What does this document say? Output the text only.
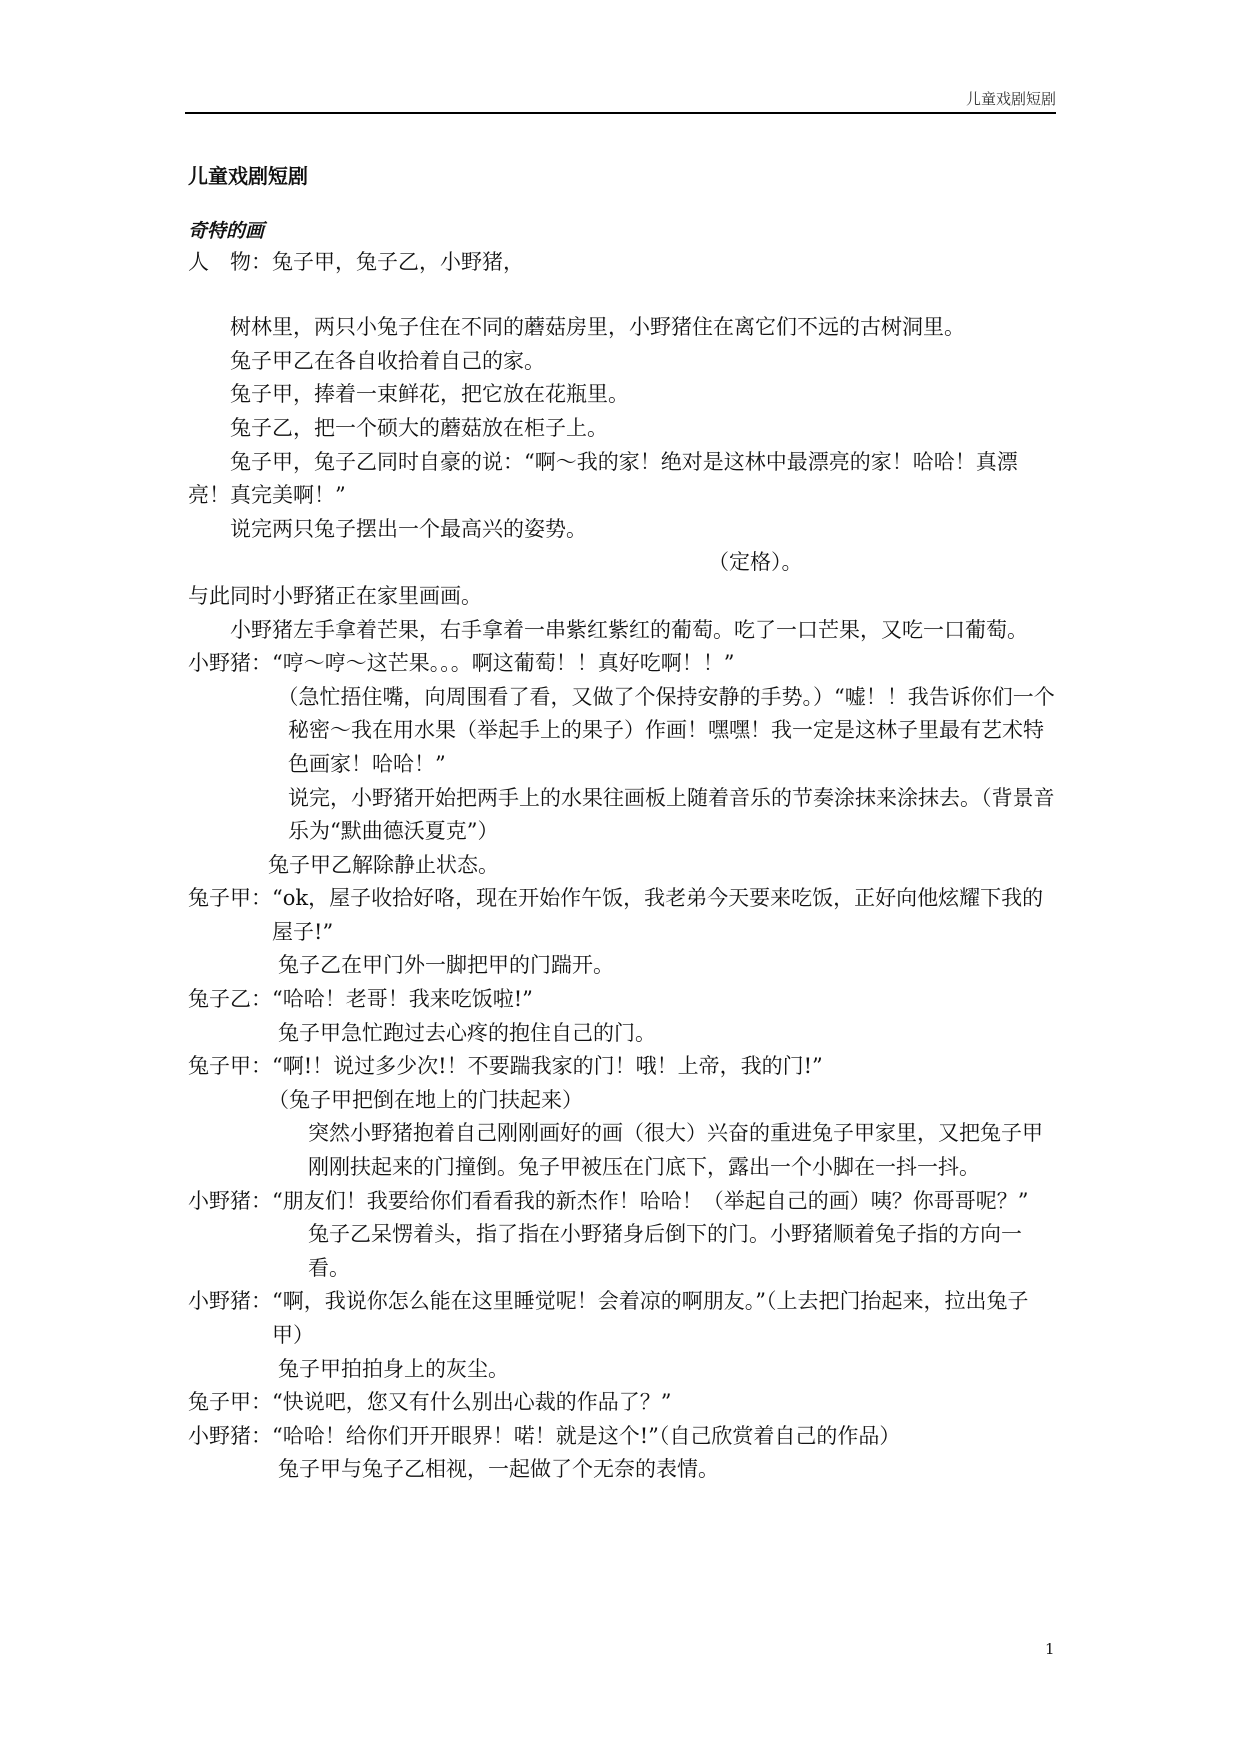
儿童戏剧短剧
儿童戏剧短剧
奇特的画
人　物：兔子甲，兔子乙，小野猪，
树林里，两只小兔子住在不同的蘑菇房里，小野猪住在离它们不远的古树洞里。
兔子甲乙在各自收拾着自己的家。
兔子甲，捧着一束鲜花，把它放在花瓶里。
兔子乙，把一个硕大的蘑菇放在柜子上。
兔子甲，兔子乙同时自豪的说：“啊～我的家！绝对是这林中最漂亮的家！哈哈！真漂亮！真完美啊！”
说完两只兔子摆出一个最高兴的姿势。
（定格）。
与此同时小野猪正在家里画画。
小野猪左手拿着芒果，右手拿着一串紫红紫红的葡萄。吃了一口芒果，又吃一口葡萄。
小野猪： “哼～哼～这芒果。。。啊这葡萄！！真好吃啊！！”
（急忙捂住嘴，向周围看了看，又做了个保持安静的手势。）“嘘！！我告诉你们一个秘密～我在用水果（举起手上的果子）作画！嘿嘿！我一定是这林子里最有艺术特色画家！哈哈！”
说完，小野猪开始把两手上的水果往画板上随着音乐的节奏涂抹来涂抹去。（背景音乐为“默曲德沃夏克”）
兔子甲乙解除静止状态。
兔子甲： “ok，屋子收拾好咯，现在开始作午饭，我老弟今天要来吃饭，正好向他炫耀下我的屋子!”
兔子乙在甲门外一脚把甲的门踹开。
兔子乙： “哈哈！老哥！我来吃饭啦!”
兔子甲急忙跑过去心疼的抱住自己的门。
兔子甲： “啊!！说过多少次!！不要踹我家的门！哦！上帝，我的门!”
（兔子甲把倒在地上的门扶起来）
突然小野猪抱着自己刚刚画好的画（很大）兴奋的重进兔子甲家里，又把兔子甲刚刚扶起来的门撞倒。兔子甲被压在门底下，露出一个小脚在一抖一抖。
小野猪： “朋友们！我要给你们看看我的新杰作！哈哈！（举起自己的画）咦？你哥哥呢？”
兔子乙呆愣着头，指了指在小野猪身后倒下的门。小野猪顺着兔子指的方向一看。
小野猪： “啊，我说你怎么能在这里睡觉呢！会着凉的啊朋友。”（上去把门抬起来，拉出兔子甲）
兔子甲拍拍身上的灰尘。
兔子甲： “快说吧，您又有什么别出心裁的作品了？”
小野猪： “哈哈！给你们开开眼界！喏！就是这个!”（自己欣赏着自己的作品）
兔子甲与兔子乙相视，一起做了个无奈的表情。
1
